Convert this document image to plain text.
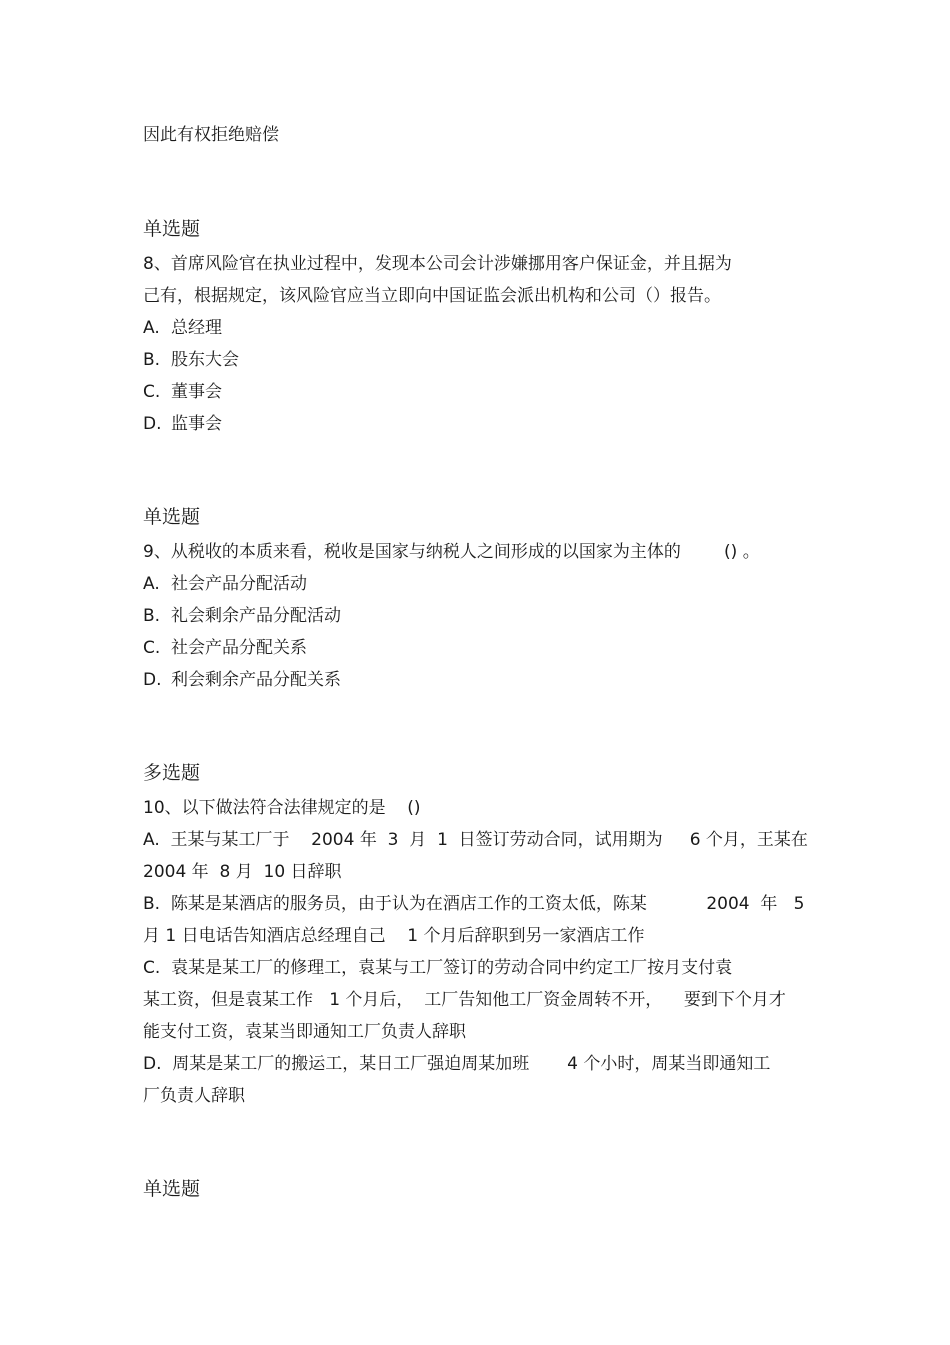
因此有权拒绝赔偿

单选题

8、首席风险官在执业过程中，发现本公司会计涉嫌挪用客户保证金，并且据为

己有，根据规定，该风险官应当立即向中国证监会派出机构和公司（）报告。

A. 总经理

B. 股东大会

C. 董事会

D. 监事会

单选题

9、从税收的本质来看，税收是国家与纳税人之间形成的以国家为主体的        () 。

A. 社会产品分配活动

B. 礼会剩余产品分配活动

C. 社会产品分配关系

D. 利会剩余产品分配关系

多选题

10、以下做法符合法律规定的是    ()

A.  王某与某工厂于    2004 年  3  月  1  日签订劳动合同，试用期为     6 个月，王某在

2004 年  8 月  10 日辞职

B.  陈某是某酒店的服务员，由于认为在酒店工作的工资太低，陈某           2004  年   5

月 1 日电话告知酒店总经理自己    1 个月后辞职到另一家酒店工作

C.  袁某是某工厂的修理工，袁某与工厂签订的劳动合同中约定工厂按月支付袁

某工资，但是袁某工作   1 个月后，  工厂告知他工厂资金周转不开，    要到下个月才

能支付工资，袁某当即通知工厂负责人辞职

D.  周某是某工厂的搬运工，某日工厂强迫周某加班       4 个小时，周某当即通知工

厂负责人辞职

单选题
